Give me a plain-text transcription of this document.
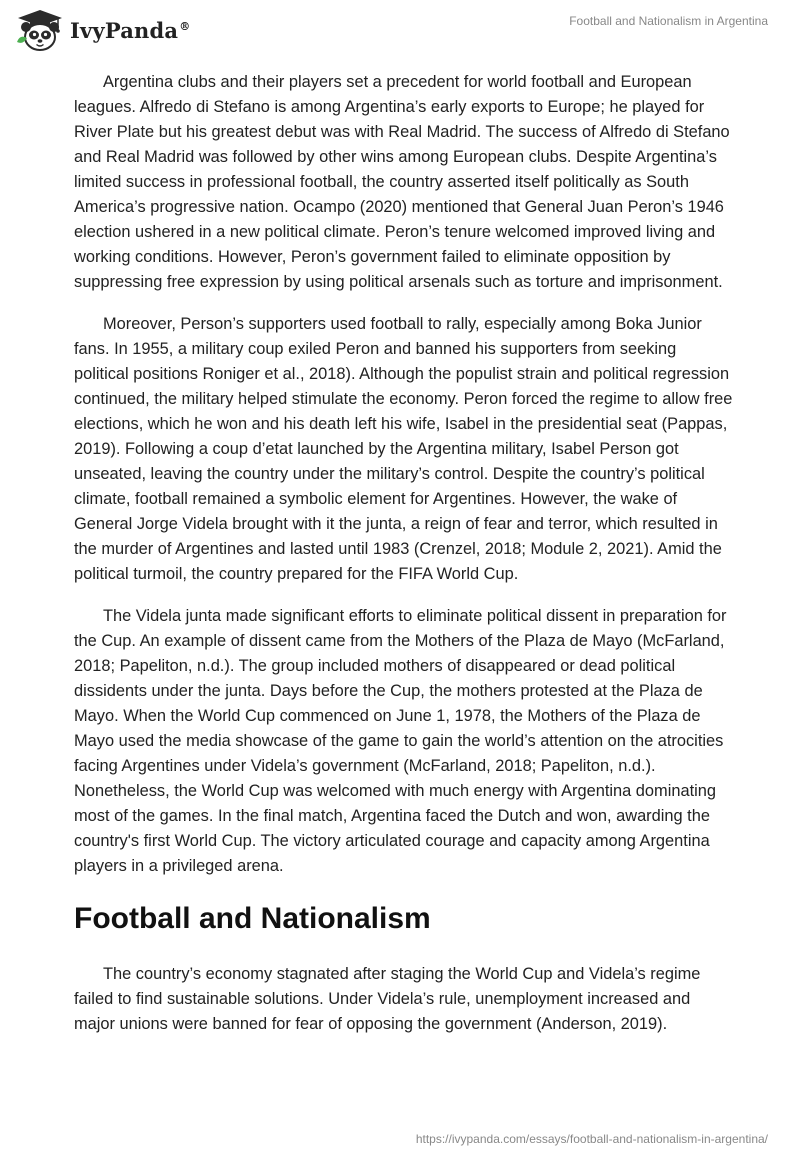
IvyPanda®	Football and Nationalism in Argentina

Argentina clubs and their players set a precedent for world football and European leagues. Alfredo di Stefano is among Argentina’s early exports to Europe; he played for River Plate but his greatest debut was with Real Madrid. The success of Alfredo di Stefano and Real Madrid was followed by other wins among European clubs. Despite Argentina’s limited success in professional football, the country asserted itself politically as South America’s progressive nation. Ocampo (2020) mentioned that General Juan Peron’s 1946 election ushered in a new political climate. Peron’s tenure welcomed improved living and working conditions. However, Peron’s government failed to eliminate opposition by suppressing free expression by using political arsenals such as torture and imprisonment.

Moreover, Person’s supporters used football to rally, especially among Boka Junior fans. In 1955, a military coup exiled Peron and banned his supporters from seeking political positions Roniger et al., 2018). Although the populist strain and political regression continued, the military helped stimulate the economy. Peron forced the regime to allow free elections, which he won and his death left his wife, Isabel in the presidential seat (Pappas, 2019). Following a coup d’etat launched by the Argentina military, Isabel Person got unseated, leaving the country under the military’s control. Despite the country’s political climate, football remained a symbolic element for Argentines. However, the wake of General Jorge Videla brought with it the junta, a reign of fear and terror, which resulted in the murder of Argentines and lasted until 1983 (Crenzel, 2018; Module 2, 2021). Amid the political turmoil, the country prepared for the FIFA World Cup.

The Videla junta made significant efforts to eliminate political dissent in preparation for the Cup. An example of dissent came from the Mothers of the Plaza de Mayo (McFarland, 2018; Papeliton, n.d.). The group included mothers of disappeared or dead political dissidents under the junta. Days before the Cup, the mothers protested at the Plaza de Mayo. When the World Cup commenced on June 1, 1978, the Mothers of the Plaza de Mayo used the media showcase of the game to gain the world’s attention on the atrocities facing Argentines under Videla’s government (McFarland, 2018; Papeliton, n.d.). Nonetheless, the World Cup was welcomed with much energy with Argentina dominating most of the games. In the final match, Argentina faced the Dutch and won, awarding the country's first World Cup. The victory articulated courage and capacity among Argentina players in a privileged arena.

Football and Nationalism

The country’s economy stagnated after staging the World Cup and Videla’s regime failed to find sustainable solutions. Under Videla’s rule, unemployment increased and major unions were banned for fear of opposing the government (Anderson, 2019).

https://ivypanda.com/essays/football-and-nationalism-in-argentina/
